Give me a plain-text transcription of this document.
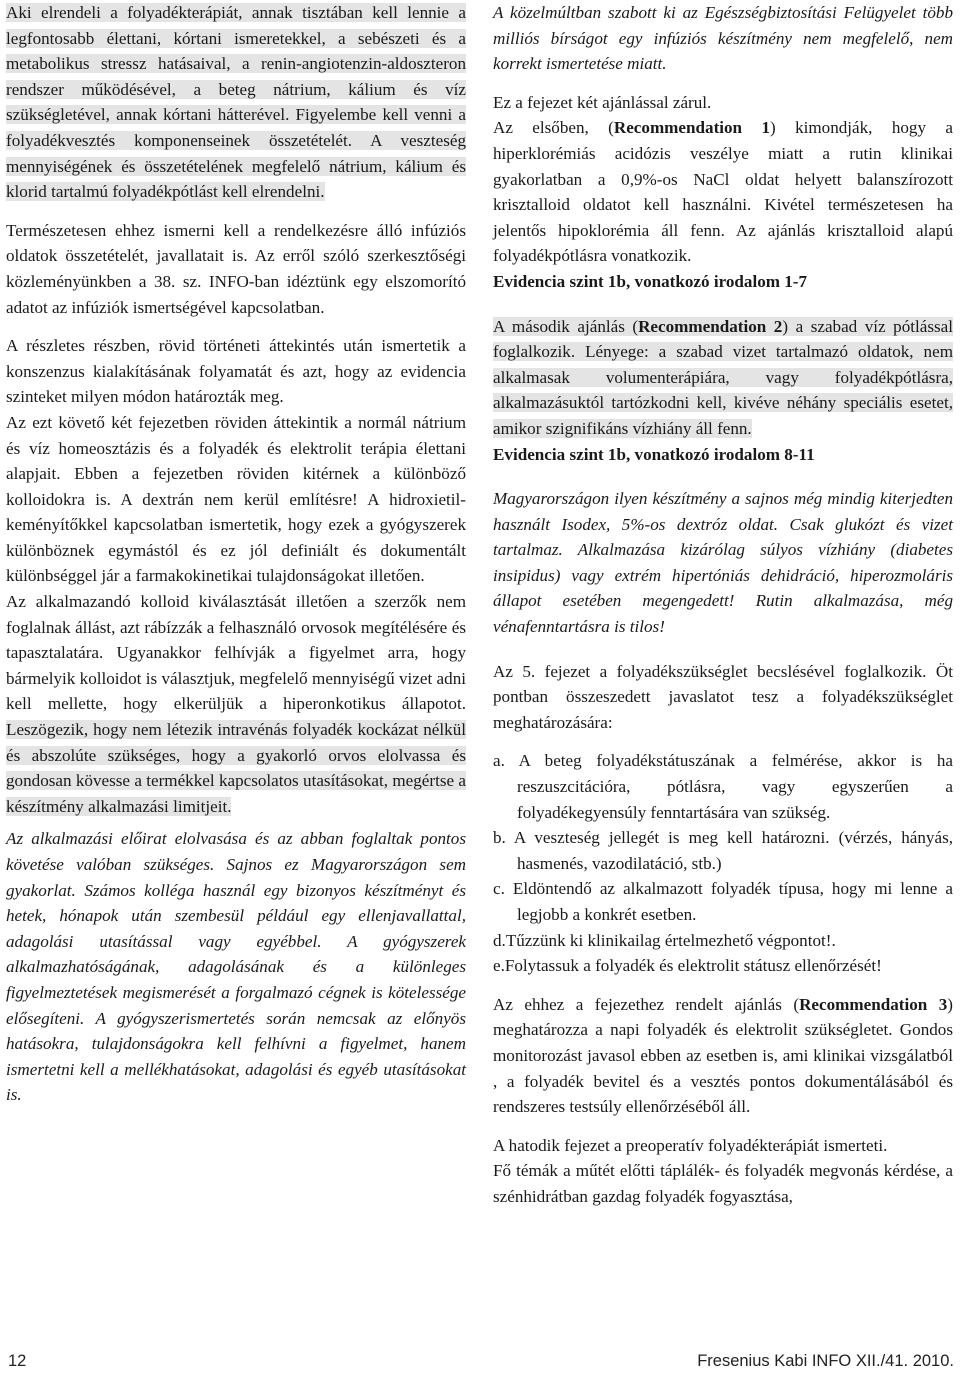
Aki elrendeli a folyadékterápiát, annak tisztában kell lennie a legfontosabb élettani, kórtani ismeretekkel, a sebészeti és a metabolikus stressz hatásaival, a renin-angiotenzin-aldoszteron rendszer működésével, a beteg nátrium, kálium és víz szükségletével, annak kórtani hátterével. Figyelembe kell venni a folyadékvesztés komponenseinek összetételét. A veszteség mennyiségének és összetételének megfelelő nátrium, kálium és klorid tartalmú folyadékpótlást kell elrendelni.

Természetesen ehhez ismerni kell a rendelkezésre álló infúziós oldatok összetételét, javallatait is. Az erről szóló szerkesztőségi közleményünkben a 38. sz. INFO-ban idéztünk egy elszomorító adatot az infúziók ismertségével kapcsolatban.

A részletes részben, rövid történeti áttekintés után ismertetik a konszenzus kialakításának folyamatát és azt, hogy az evidencia szinteket milyen módon határozták meg.

Az ezt követő két fejezetben röviden áttekintik a normál nátrium és víz homeosztázis és a folyadék és elektrolit terápia élettani alapjait. Ebben a fejezetben röviden kitérnek a különböző kolloidokra is. A dextrán nem kerül említésre! A hidroxietil-keményítőkkel kapcsolatban ismertetik, hogy ezek a gyógyszerek különböznek egymástól és ez jól definiált és dokumentált különbséggel jár a farmakokinetikai tulajdonságokat illetően.

Az alkalmazandó kolloid kiválasztását illetően a szerzők nem foglalnak állást, azt rábízzák a felhasználó orvosok megítélésére és tapasztalatára. Ugyanakkor felhívják a figyelmet arra, hogy bármelyik kolloidot is választjuk, megfelelő mennyiségű vizet adni kell mellette, hogy elkerüljük a hiperonkotikus állapotot. Leszögezik, hogy nem létezik intravénás folyadék kockázat nélkül és abszolúte szükséges, hogy a gyakorló orvos elolvassa és gondosan kövesse a termékkel kapcsolatos utasításokat, megértse a készítmény alkalmazási limitjeit.

Az alkalmazási előirat elolvasása és az abban foglaltak pontos követése valóban szükséges. Sajnos ez Magyarországon sem gyakorlat. Számos kolléga használ egy bizonyos készítményt és hetek, hónapok után szembesül például egy ellenjavallattal, adagolási utasítással vagy egyébbel. A gyógyszerek alkalmazhatóságának, adagolásának és a különleges figyelmeztetések megismerését a forgalmazó cégnek is kötelessége elősegíteni. A gyógyszerismertetés során nemcsak az előnyös hatásokra, tulajdonságokra kell felhívni a figyelmet, hanem ismertetni kell a mellékhatásokat, adagolási és egyéb utasításokat is.

A közelmúltban szabott ki az Egészségbiztosítási Felügyelet több milliós bírságot egy infúziós készítmény nem megfelelő, nem korrekt ismertetése miatt.

Ez a fejezet két ajánlással zárul.

Az elsőben, (Recommendation 1) kimondják, hogy a hiperklorémiás acidózis veszélye miatt a rutin klinikai gyakorlatban a 0,9%-os NaCl oldat helyett balanszírozott krisztalloid oldatot kell használni. Kivétel természetesen ha jelentős hipoklorémia áll fenn. Az ajánlás krisztalloid alapú folyadékpótlásra vonatkozik.

Evidencia szint 1b, vonatkozó irodalom 1-7

A második ajánlás (Recommendation 2) a szabad víz pótlással foglalkozik. Lényege: a szabad vizet tartalmazó oldatok, nem alkalmasak volumenterápiára, vagy folyadékpótlásra, alkalmazásuktól tartózkodni kell, kivéve néhány speciális esetet, amikor szignifikáns vízhiány áll fenn.

Evidencia szint 1b, vonatkozó irodalom 8-11

Magyarországon ilyen készítmény a sajnos még mindig kiterjedten használt Isodex, 5%-os dextróz oldat. Csak glukózt és vizet tartalmaz. Alkalmazása kizárólag súlyos vízhiány (diabetes insipidus) vagy extrém hipertóniás dehidráció, hiperozmoláris állapot esetében megengedett! Rutin alkalmazása, még vénafenntartásra is tilos!

Az 5. fejezet a folyadékszükséglet becslésével foglalkozik. Öt pontban összeszedett javaslatot tesz a folyadékszükséglet meghatározására:

a. A beteg folyadékstátuszának a felmérése, akkor is ha reszuszcitációra, pótlásra, vagy egyszerűen a folyadékegyensúly fenntartására van szükség.

b. A veszteség jellegét is meg kell határozni. (vérzés, hányás, hasmenés, vazodilatáció, stb.)

c. Eldöntendő az alkalmazott folyadék típusa, hogy mi lenne a legjobb a konkrét esetben.

d.Tűzzünk ki klinikailag értelmezhető végpontot!.

e.Folytassuk a folyadék és elektrolit státusz ellenőrzését!

Az ehhez a fejezethez rendelt ajánlás (Recommendation 3) meghatározza a napi folyadék és elektrolit szükségletet. Gondos monitorozást javasol ebben az esetben is, ami klinikai vizsgálatból , a folyadék bevitel és a vesztés pontos dokumentálásából és rendszeres testsúly ellenőrzéséből áll.

A hatodik fejezet a preoperatív folyadékterápiát ismerteti.

Fő témák a műtét előtti táplálék- és folyadék megvonás kérdése, a szénhidrátban gazdag folyadék fogyasztása,

12	Fresenius Kabi INFO XII./41. 2010.
